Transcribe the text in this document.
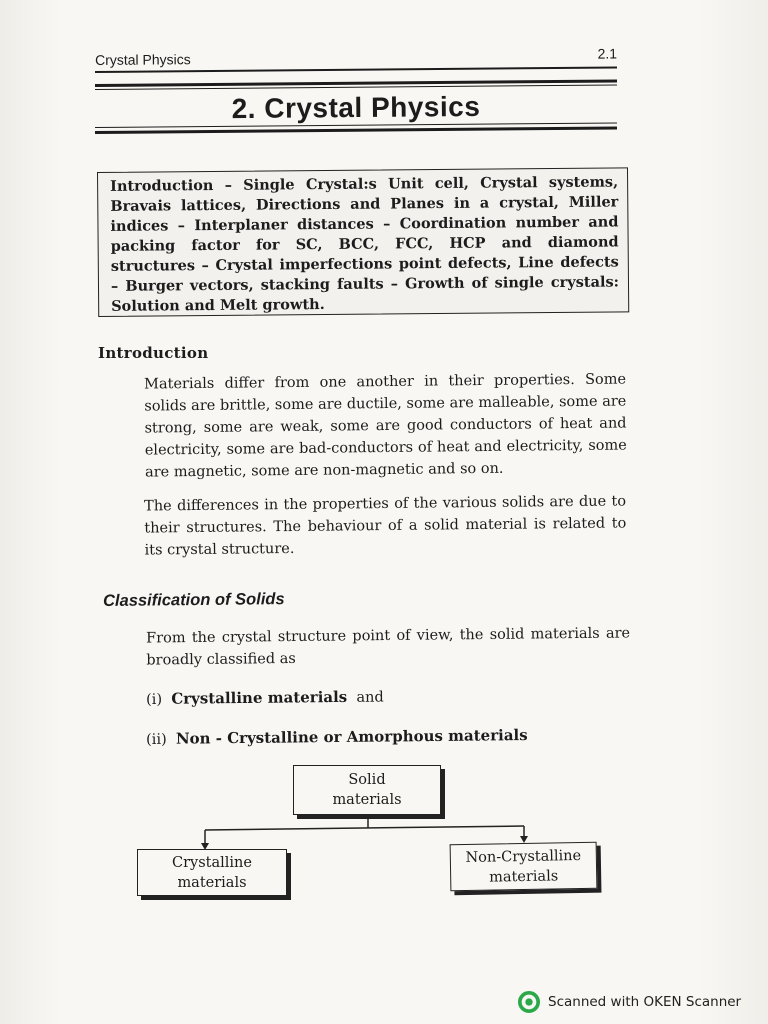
Crystal Physics	2.1
2. Crystal Physics
Introduction – Single Crystal:s Unit cell, Crystal systems, Bravais lattices, Directions and Planes in a crystal, Miller indices – Interplaner distances – Coordination number and packing factor for SC, BCC, FCC, HCP and diamond structures – Crystal imperfections point defects, Line defects – Burger vectors, stacking faults – Growth of single crystals: Solution and Melt growth.
Introduction
Materials differ from one another in their properties. Some solids are brittle, some are ductile, some are malleable, some are strong, some are weak, some are good conductors of heat and electricity, some are bad-conductors of heat and electricity, some are magnetic, some are non-magnetic and so on.
The differences in the properties of the various solids are due to their structures. The behaviour of a solid material is related to its crystal structure.
Classification of Solids
From the crystal structure point of view, the solid materials are broadly classified as
(i) Crystalline materials and
(ii) Non - Crystalline or Amorphous materials
Solid
materials
Crystalline
materials
Non-Crystalline
materials
Scanned with OKEN Scanner
